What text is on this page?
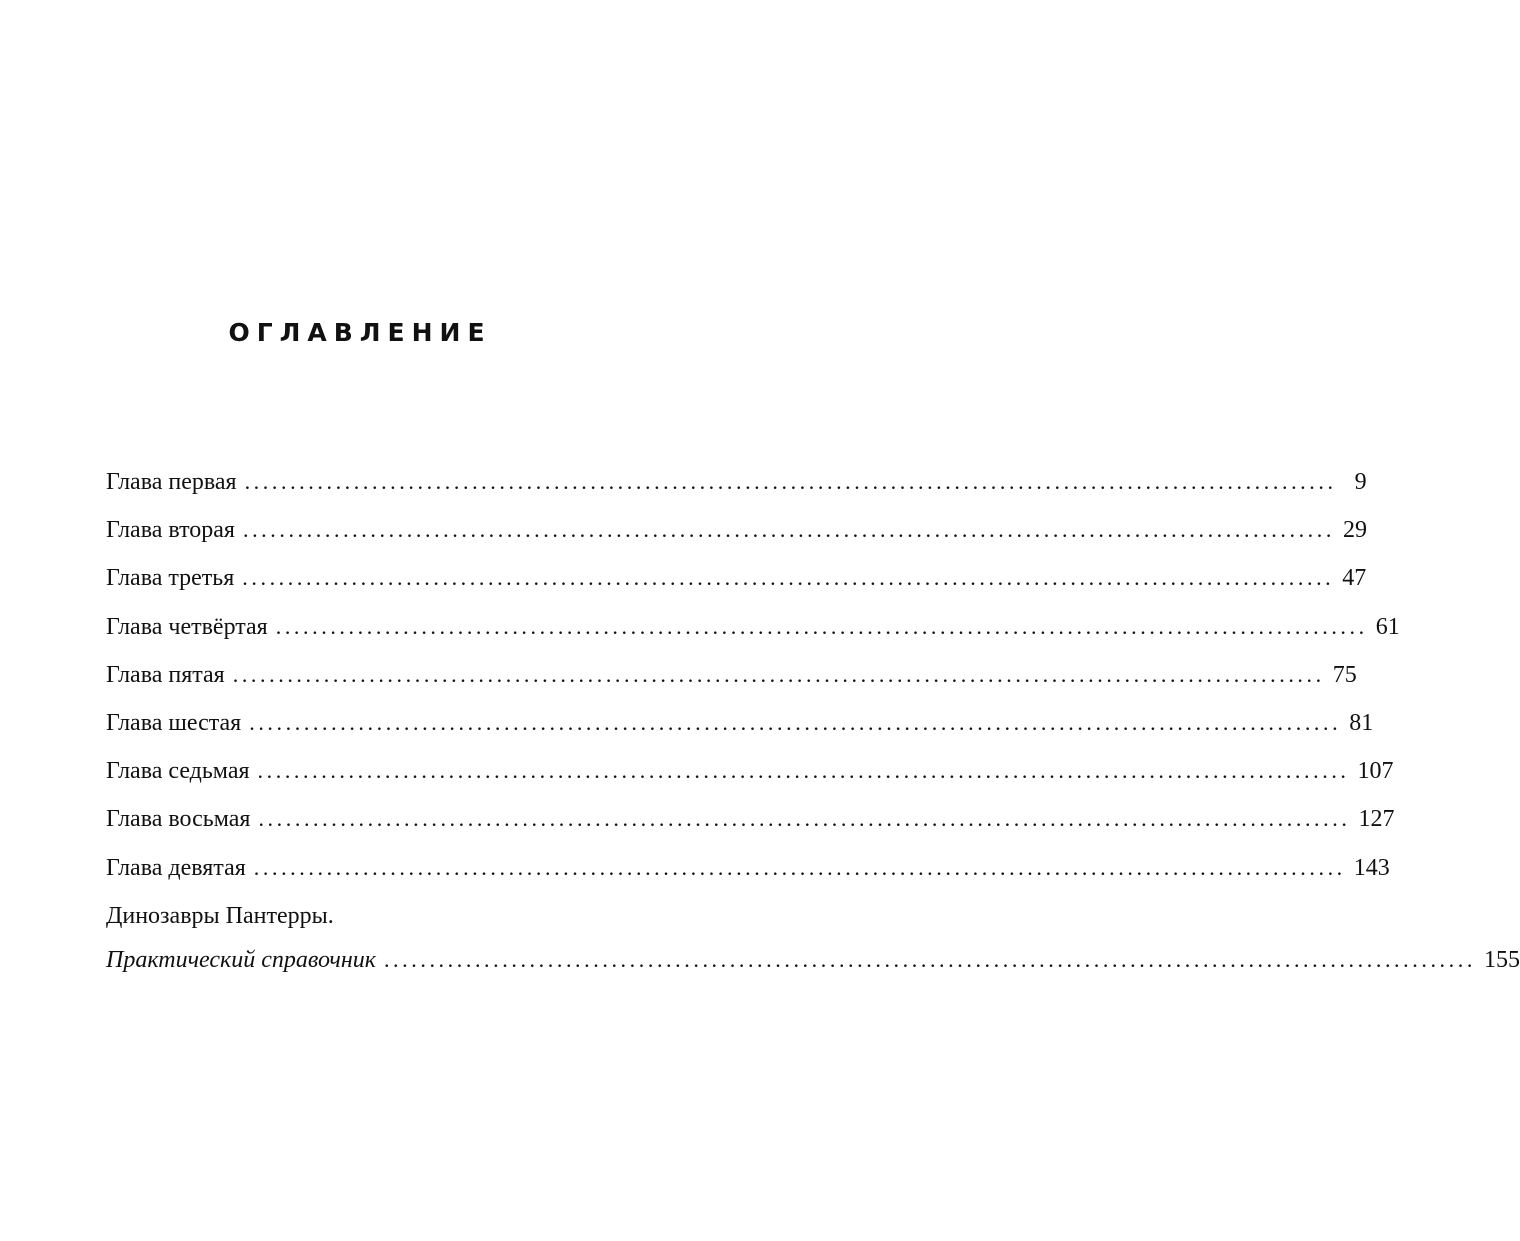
ОГЛАВЛЕНИЕ
Глава первая ........................................................................................................................ 9
Глава вторая ........................................................................................................................ 29
Глава третья ........................................................................................................................ 47
Глава четвёртая ........................................................................................................................ 61
Глава пятая ........................................................................................................................ 75
Глава шестая ........................................................................................................................ 81
Глава седьмая ........................................................................................................................ 107
Глава восьмая ........................................................................................................................ 127
Глава девятая ........................................................................................................................ 143
Динозавры Пантерры.
Практический справочник ........................................................................................................................ 155
